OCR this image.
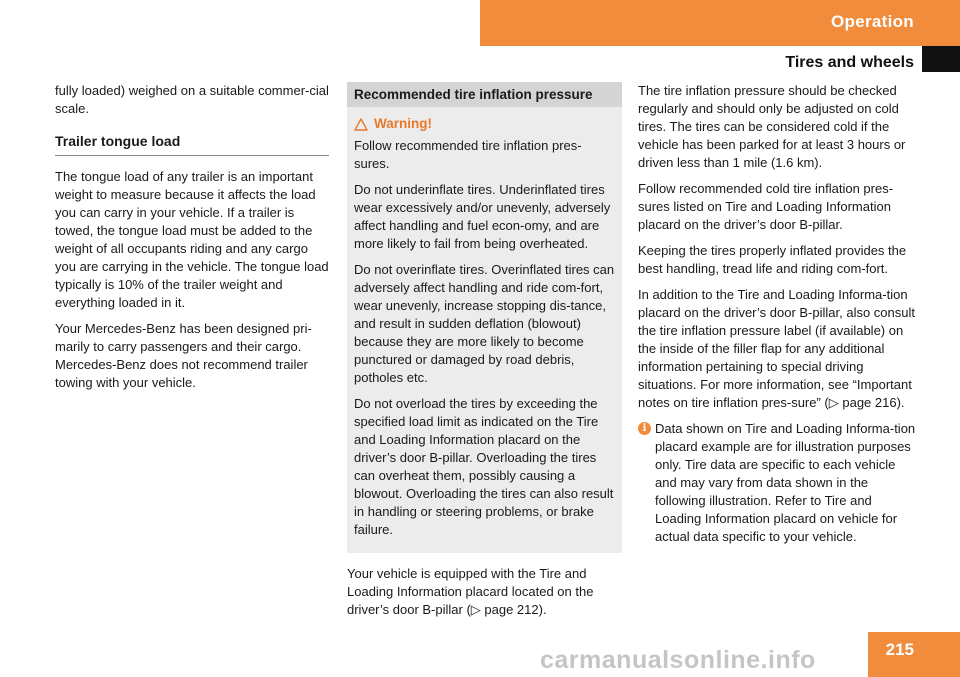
Operation
Tires and wheels

fully loaded) weighed on a suitable commer-cial scale.

Trailer tongue load

The tongue load of any trailer is an important weight to measure because it affects the load you can carry in your vehicle. If a trailer is towed, the tongue load must be added to the weight of all occupants riding and any cargo you are carrying in the vehicle. The tongue load typically is 10% of the trailer weight and everything loaded in it.

Your Mercedes-Benz has been designed pri-marily to carry passengers and their cargo. Mercedes-Benz does not recommend trailer towing with your vehicle.

Recommended tire inflation pressure
Warning!

Follow recommended tire inflation pres-sures.

Do not underinflate tires. Underinflated tires wear excessively and/or unevenly, adversely affect handling and fuel econ-omy, and are more likely to fail from being overheated.

Do not overinflate tires. Overinflated tires can adversely affect handling and ride com-fort, wear unevenly, increase stopping dis-tance, and result in sudden deflation (blowout) because they are more likely to become punctured or damaged by road debris, potholes etc.

Do not overload the tires by exceeding the specified load limit as indicated on the Tire and Loading Information placard on the driver’s door B-pillar. Overloading the tires can overheat them, possibly causing a blowout. Overloading the tires can also result in handling or steering problems, or brake failure.

Your vehicle is equipped with the Tire and Loading Information placard located on the driver’s door B-pillar (▷ page 212).

The tire inflation pressure should be checked regularly and should only be adjusted on cold tires. The tires can be considered cold if the vehicle has been parked for at least 3 hours or driven less than 1 mile (1.6 km).

Follow recommended cold tire inflation pres-sures listed on Tire and Loading Information placard on the driver’s door B-pillar.

Keeping the tires properly inflated provides the best handling, tread life and riding com-fort.

In addition to the Tire and Loading Informa-tion placard on the driver’s door B-pillar, also consult the tire inflation pressure label (if available) on the inside of the filler flap for any additional information pertaining to special driving situations. For more information, see “Important notes on tire inflation pres-sure” (▷ page 216).

i Data shown on Tire and Loading Informa-tion placard example are for illustration purposes only. Tire data are specific to each vehicle and may vary from data shown in the following illustration. Refer to Tire and Loading Information placard on vehicle for actual data specific to your vehicle.

215
carmanualsonline.info
